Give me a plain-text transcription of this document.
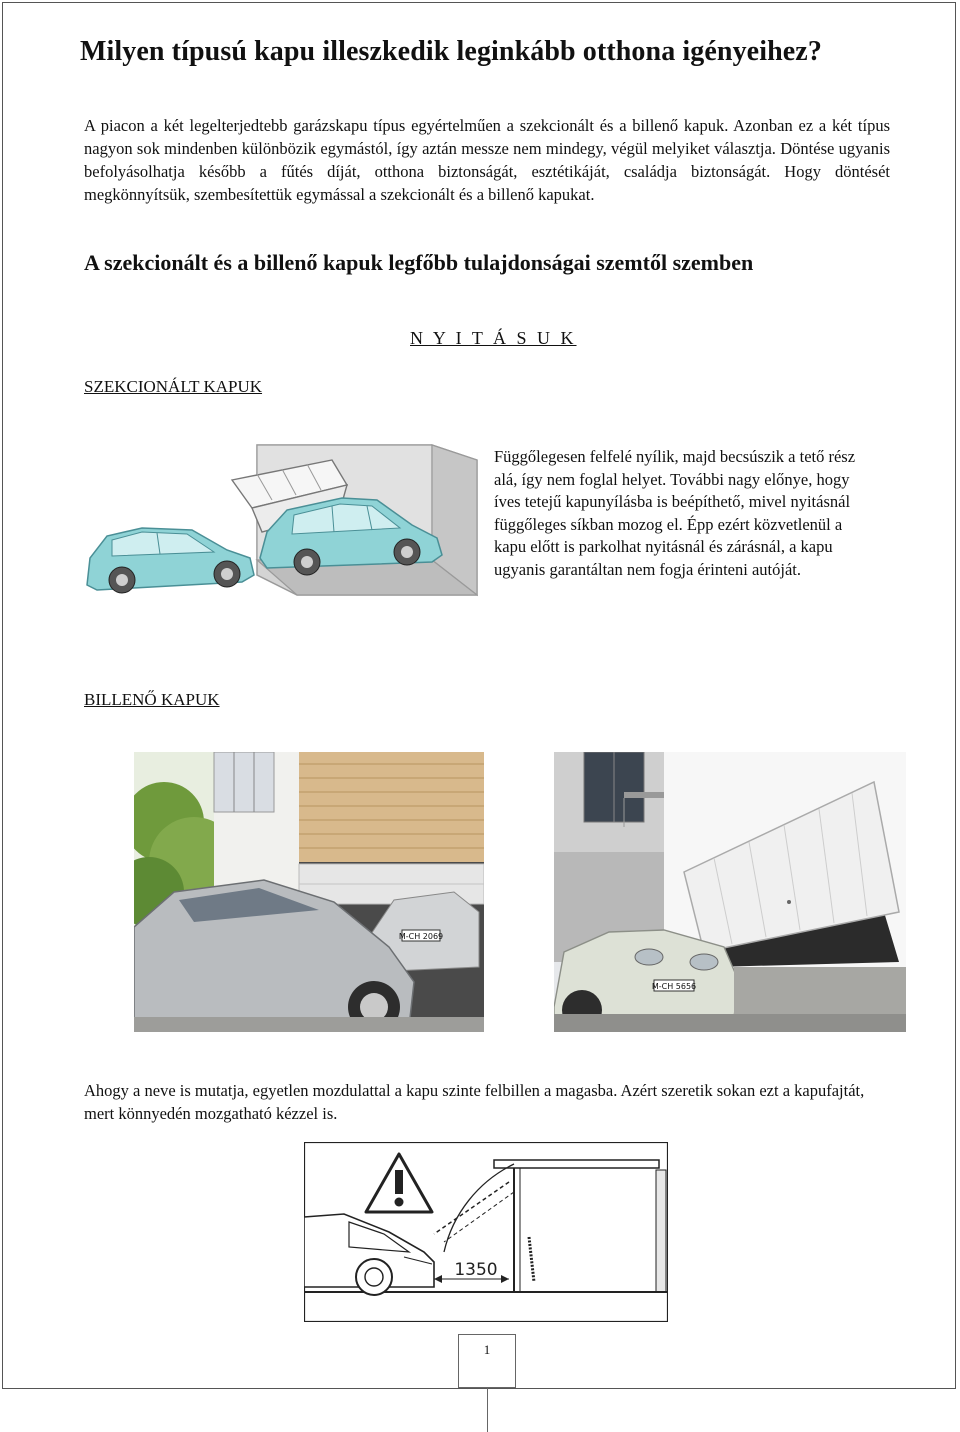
Milyen típusú kapu illeszkedik leginkább otthona igényeihez?

A piacon a két legelterjedtebb garázskapu típus egyértelműen a szekcionált és a billenő kapuk. Azonban ez a két típus nagyon sok mindenben különbözik egymástól, így aztán messze nem mindegy, végül melyiket választja. Döntése ugyanis befolyásolhatja később a fűtés díját, otthona biztonságát, esztétikáját, családja biztonságát. Hogy döntését megkönnyítsük, szembesítettük egymással a szekcionált és a billenő kapukat.

A szekcionált és a billenő kapuk legfőbb tulajdonságai szemtől szemben
N Y I T Á S U K
SZEKCIONÁLT KAPUK

Függőlegesen felfelé nyílik, majd becsúszik a tető rész alá, így nem foglal helyet. További nagy előnye, hogy íves tetejű kapunyílásba is beépíthető, mivel nyitásnál függőleges síkban mozog el. Épp ezért közvetlenül a kapu előtt is parkolhat nyitásnál és zárásnál, a kapu ugyanis garantáltan nem fogja érinteni autóját.

BILLENŐ KAPUK
M-CH 2069
M-CH 5656

Ahogy a neve is mutatja, egyetlen mozdulattal a kapu szinte felbillen a magasba. Azért szeretik sokan ezt a kapufajtát, mert könnyedén mozgatható kézzel is.

1350
1
